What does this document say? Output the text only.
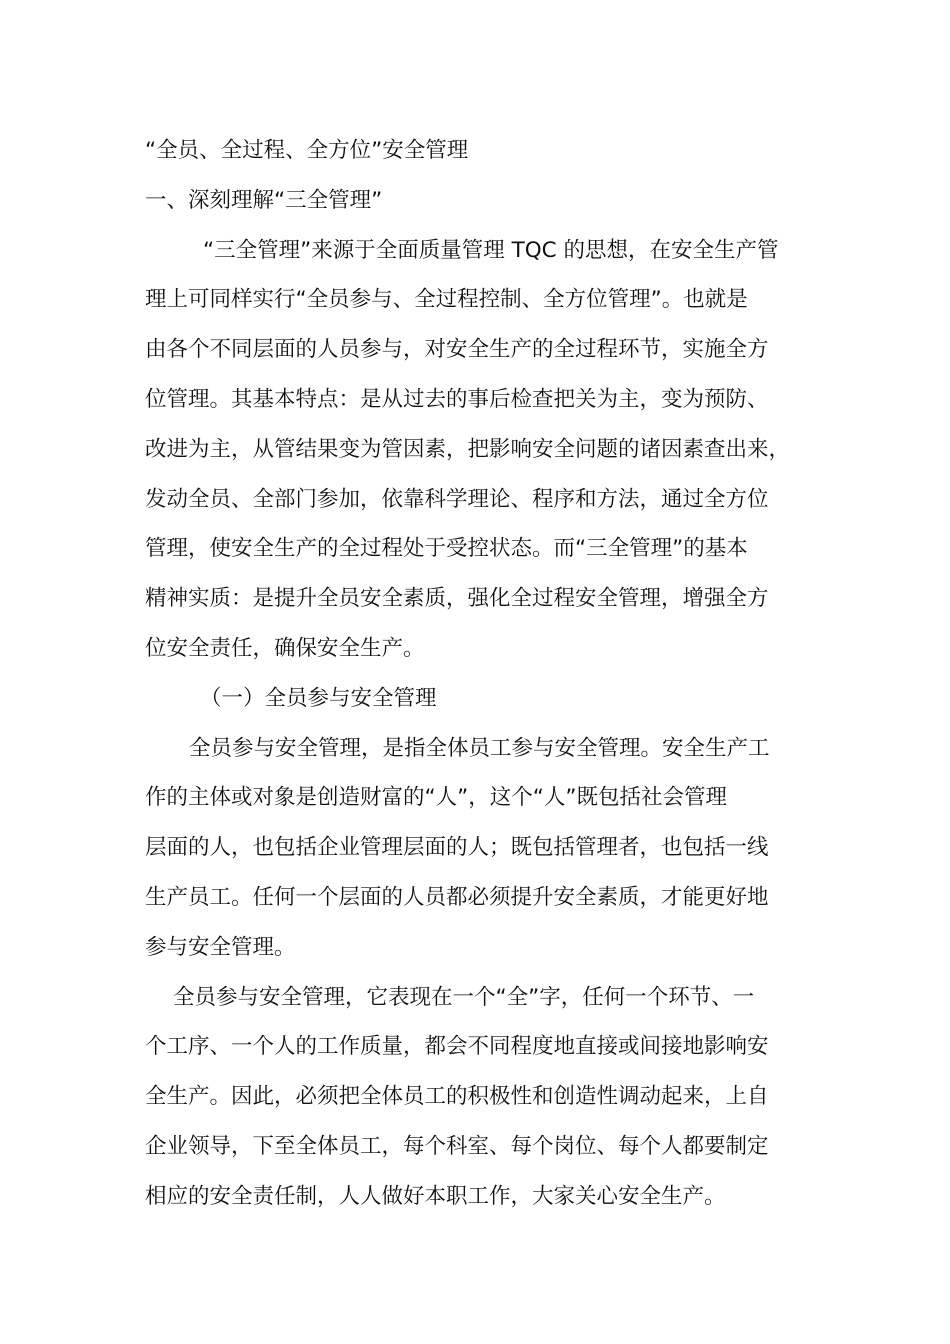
“全员、全过程、全方位”安全管理
一、深刻理解“三全管理”
“三全管理”来源于全面质量管理 TQC 的思想，在安全生产管
理上可同样实行“全员参与、全过程控制、全方位管理”。也就是
由各个不同层面的人员参与，对安全生产的全过程环节，实施全方
位管理。其基本特点：是从过去的事后检查把关为主，变为预防、
改进为主，从管结果变为管因素，把影响安全问题的诸因素查出来，
发动全员、全部门参加，依靠科学理论、程序和方法，通过全方位
管理，使安全生产的全过程处于受控状态。而“三全管理”的基本
精神实质：是提升全员安全素质，强化全过程安全管理，增强全方
位安全责任，确保安全生产。
（一）全员参与安全管理
全员参与安全管理，是指全体员工参与安全管理。安全生产工
作的主体或对象是创造财富的“人”，这个“人”既包括社会管理
层面的人，也包括企业管理层面的人；既包括管理者，也包括一线
生产员工。任何一个层面的人员都必须提升安全素质，才能更好地
参与安全管理。
全员参与安全管理，它表现在一个“全”字，任何一个环节、一
个工序、一个人的工作质量，都会不同程度地直接或间接地影响安
全生产。因此，必须把全体员工的积极性和创造性调动起来，上自
企业领导，下至全体员工，每个科室、每个岗位、每个人都要制定
相应的安全责任制，人人做好本职工作，大家关心安全生产。
